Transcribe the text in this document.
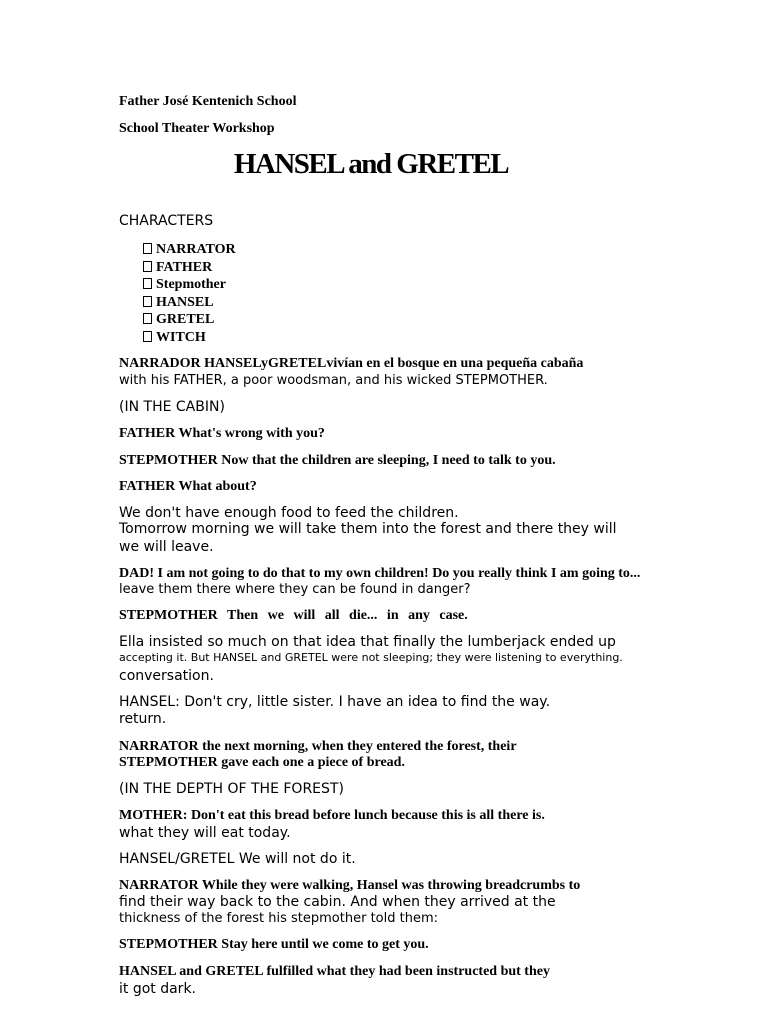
Father José Kentenich School
School Theater Workshop
HANSEL and GRETEL
CHARACTERS
NARRATOR
FATHER
Stepmother
HANSEL
GRETEL
WITCH
NARRADOR HANSELyGRETELvivían en el bosque en una pequeña cabaña
with his FATHER, a poor woodsman, and his wicked STEPMOTHER.
(IN THE CABIN)
FATHER What's wrong with you?
STEPMOTHER Now that the children are sleeping, I need to talk to you.
FATHER What about?
We don't have enough food to feed the children.
Tomorrow morning we will take them into the forest and there they will
we will leave.
DAD! I am not going to do that to my own children! Do you really think I am going to...
leave them there where they can be found in danger?
STEPMOTHER Then we will all die... in any case.
Ella insisted so much on that idea that finally the lumberjack ended up
accepting it. But HANSEL and GRETEL were not sleeping; they were listening to everything.
conversation.
HANSEL: Don't cry, little sister. I have an idea to find the way.
return.
NARRATOR the next morning, when they entered the forest, their
STEPMOTHER gave each one a piece of bread.
(IN THE DEPTH OF THE FOREST)
MOTHER: Don't eat this bread before lunch because this is all there is.
what they will eat today.
HANSEL/GRETEL We will not do it.
NARRATOR While they were walking, Hansel was throwing breadcrumbs to
find their way back to the cabin. And when they arrived at the
thickness of the forest his stepmother told them:
STEPMOTHER Stay here until we come to get you.
HANSEL and GRETEL fulfilled what they had been instructed but they
it got dark.
